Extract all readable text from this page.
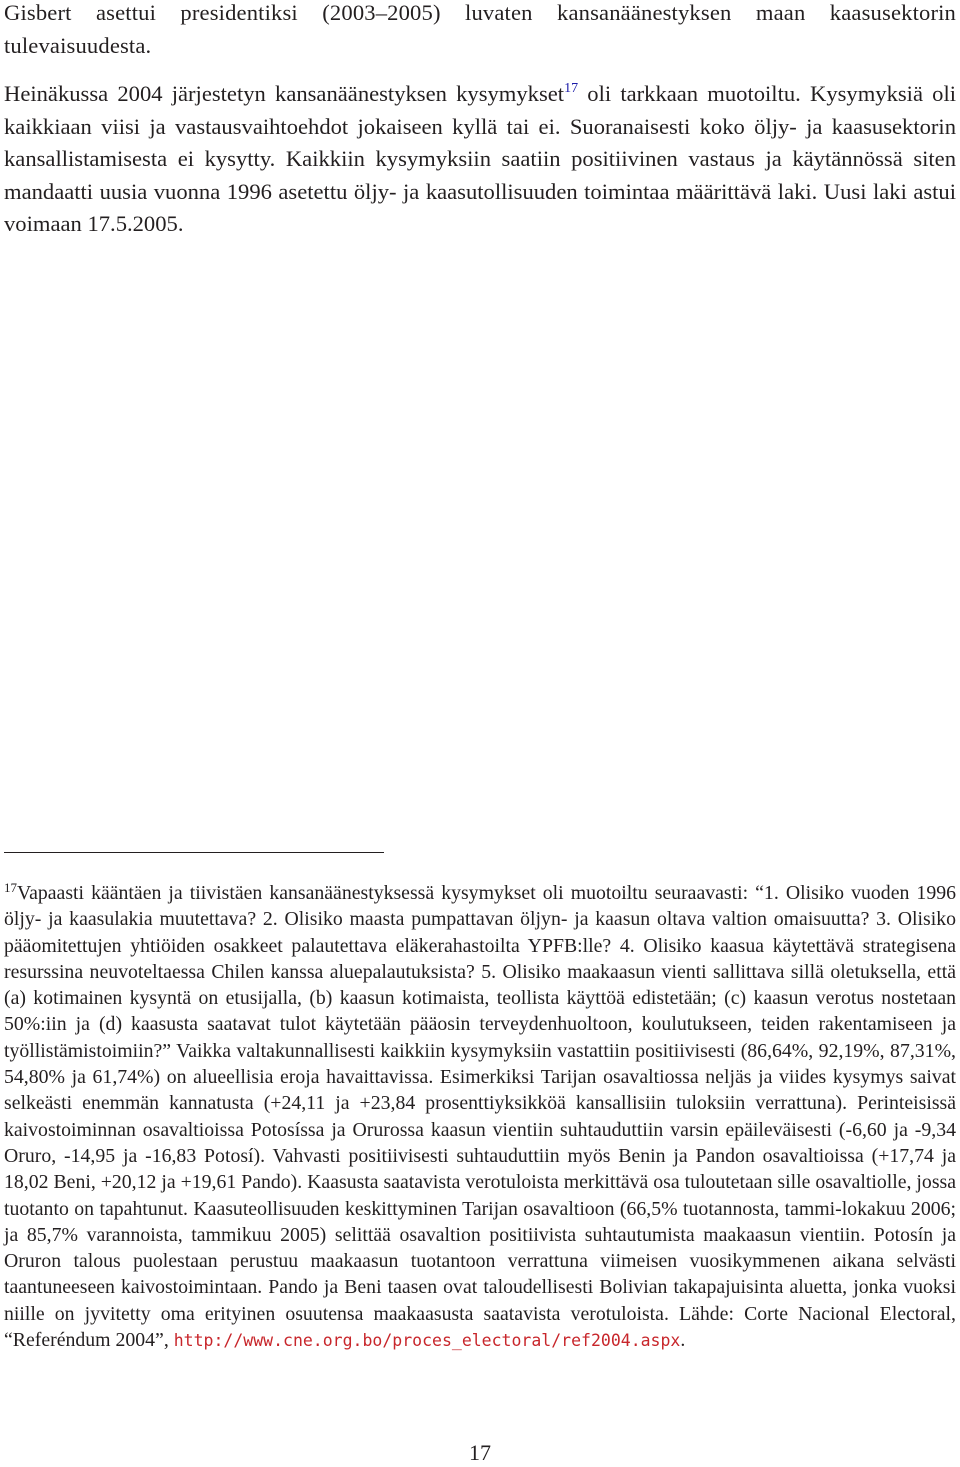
Gisbert asettui presidentiksi (2003–2005) luvaten kansanäänestyksen maan kaasusektorin tulevaisuudesta.

Heinäkussa 2004 järjestetyn kansanäänestyksen kysymykset$^{17}$ oli tarkkaan muotoiltu. Kysymyksiä oli kaikkiaan viisi ja vastausvaihtoehdot jokaiseen kyllä tai ei. Suoranaisesti koko öljy- ja kaasusektorin kansallistamisesta ei kysytty. Kaikkiin kysymyksiin saatiin positiivinen vastaus ja käytännössä siten mandaatti uusia vuonna 1996 asetettu öljy- ja kaasutollisuuden toimintaa määrittävä laki. Uusi laki astui voimaan 17.5.2005.

$^{17}$Vapaasti kääntäen ja tiivistäen kansanäänestyksessä kysymykset oli muotoiltu seuraavasti: “1. Olisiko vuoden 1996 öljy- ja kaasulakia muutettava? 2. Olisiko maasta pumpattavan öljyn- ja kaasun oltava valtion omaisuutta? 3. Olisiko pääomitettujen yhtiöiden osakkeet palautettava eläkerahastoilta YPFB:lle? 4. Olisiko kaasua käytettävä strategisena resurssina neuvoteltaessa Chilen kanssa aluepalautuksista? 5. Olisiko maakaasun vienti sallittava sillä oletuksella, että (a) kotimainen kysyntä on etusijalla, (b) kaasun kotimaista, teollista käyttöä edistetään; (c) kaasun verotus nostetaan 50%:iin ja (d) kaasusta saatavat tulot käytetään pääosin terveydenhuoltoon, koulutukseen, teiden rakentamiseen ja työllistämistoimiin?” Vaikka valtakunnallisesti kaikkiin kysymyksiin vastattiin positiivisesti (86,64%, 92,19%, 87,31%, 54,80% ja 61,74%) on alueellisia eroja havaittavissa. Esimerkiksi Tarijan osavaltiossa neljäs ja viides kysymys saivat selkeästi enemmän kannatusta (+24,11 ja +23,84 prosenttiyksikköä kansallisiin tuloksiin verrattuna). Perinteisissä kaivostoiminnan osavaltioissa Potosíssa ja Orurossa kaasun vientiin suhtauduttiin varsin epäileväisesti (-6,60 ja -9,34 Oruro, -14,95 ja -16,83 Potosí). Vahvasti positiivisesti suhtauduttiin myös Benin ja Pandon osavaltioissa (+17,74 ja 18,02 Beni, +20,12 ja +19,61 Pando). Kaasusta saatavista verotuloista merkittävä osa tuloutetaan sille osavaltiolle, jossa tuotanto on tapahtunut. Kaasuteollisuuden keskittyminen Tarijan osavaltioon (66,5% tuotannosta, tammi-lokakuu 2006; ja 85,7% varannoista, tammikuu 2005) selittää osavaltion positiivista suhtautumista maakaasun vientiin. Potosín ja Oruron talous puolestaan perustuu maakaasun tuotantoon verrattuna viimeisen vuosikymmenen aikana selvästi taantuneeseen kaivostoimintaan. Pando ja Beni taasen ovat taloudellisesti Bolivian takapajuisinta aluetta, jonka vuoksi niille on jyvitetty oma erityinen osuutensa maakaasusta saatavista verotuloista. Lähde: Corte Nacional Electoral, “Referéndum 2004”, http://www.cne.org.bo/proces_electoral/ref2004.aspx.

17
